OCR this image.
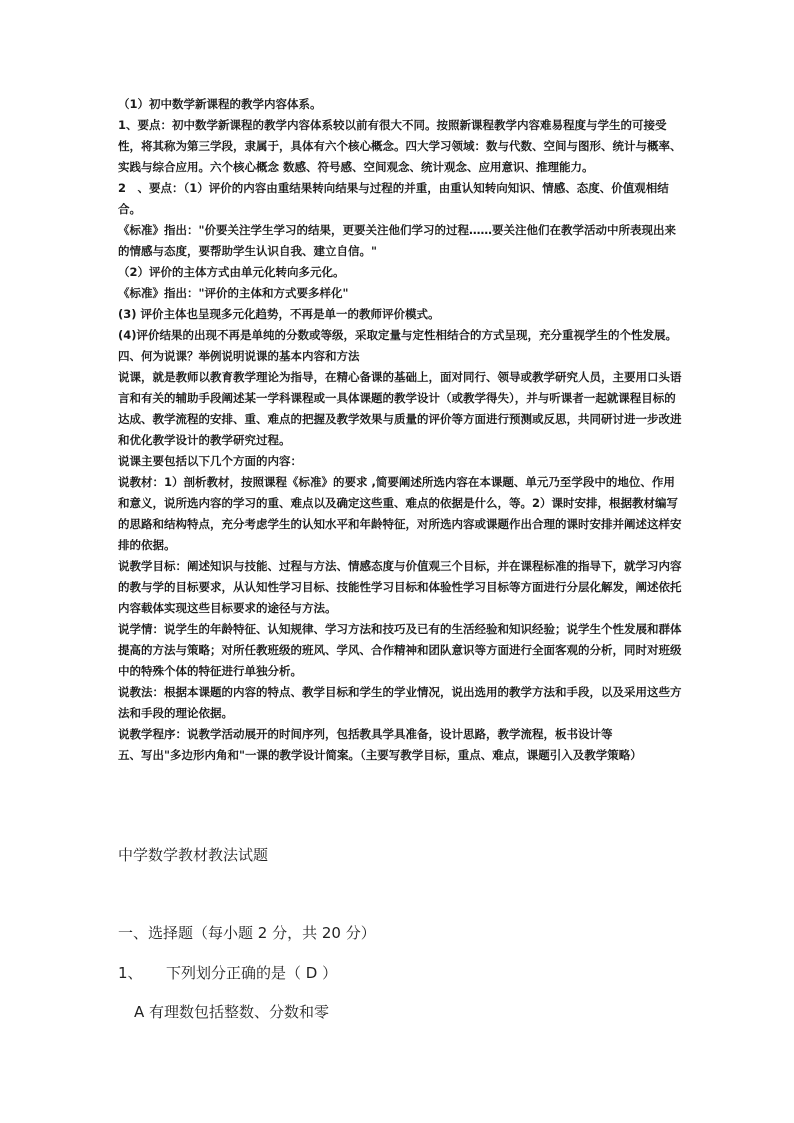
（1）初中数学新课程的教学内容体系。

1、要点：初中数学新课程的教学内容体系较以前有很大不同。按照新课程教学内容难易程度与学生的可接受性，将其称为第三学段，隶属于，具体有六个核心概念。四大学习领域：数与代数、空间与图形、统计与概率、实践与综合应用。六个核心概念 数感、符号感、空间观念、统计观念、应用意识、推理能力。

2　、要点：（1）评价的内容由重结果转向结果与过程的并重，由重认知转向知识、情感、态度、价值观相结合。

《标准》指出："价要关注学生学习的结果，更要关注他们学习的过程……要关注他们在教学活动中所表现出来的情感与态度，要帮助学生认识自我、建立自信。"

（2）评价的主体方式由单元化转向多元化。

《标准》指出："评价的主体和方式要多样化"

(3) 评价主体也呈现多元化趋势，不再是单一的教师评价模式。

(4)评价结果的出现不再是单纯的分数或等级，采取定量与定性相结合的方式呈现，充分重视学生的个性发展。

四、何为说课？举例说明说课的基本内容和方法

说课，就是教师以教育教学理论为指导，在精心备课的基础上，面对同行、领导或教学研究人员，主要用口头语言和有关的辅助手段阐述某一学科课程或一具体课题的教学设计（或教学得失），并与听课者一起就课程目标的达成、教学流程的安排、重、难点的把握及教学效果与质量的评价等方面进行预测或反思，共同研讨进一步改进和优化教学设计的教学研究过程。

说课主要包括以下几个方面的内容：

说教材：1）剖析教材，按照课程《标准》的要求 ,简要阐述所选内容在本课题、单元乃至学段中的地位、作用和意义，说所选内容的学习的重、难点以及确定这些重、难点的依据是什么，等。2）课时安排，根据教材编写的思路和结构特点，充分考虑学生的认知水平和年龄特征，对所选内容或课题作出合理的课时安排并阐述这样安排的依据。

说教学目标：阐述知识与技能、过程与方法、情感态度与价值观三个目标，并在课程标准的指导下，就学习内容的教与学的目标要求，从认知性学习目标、技能性学习目标和体验性学习目标等方面进行分层化解发，阐述依托内容载体实现这些目标要求的途径与方法。

说学情：说学生的年龄特征、认知规律、学习方法和技巧及已有的生活经验和知识经验；说学生个性发展和群体提高的方法与策略；对所任教班级的班风、学风、合作精神和团队意识等方面进行全面客观的分析，同时对班级中的特殊个体的特征进行单独分析。

说教法：根据本课题的内容的特点、教学目标和学生的学业情况，说出选用的教学方法和手段，以及采用这些方法和手段的理论依据。

说教学程序：说教学活动展开的时间序列，包括教具学具准备，设计思路，教学流程，板书设计等

五、写出"多边形内角和"一课的教学设计简案。（主要写教学目标，重点、难点，课题引入及教学策略）

中学数学教材教法试题
一、选择题（每小题 2 分，共 20 分）
1、 下列划分正确的是（ D ）
A 有理数包括整数、分数和零
